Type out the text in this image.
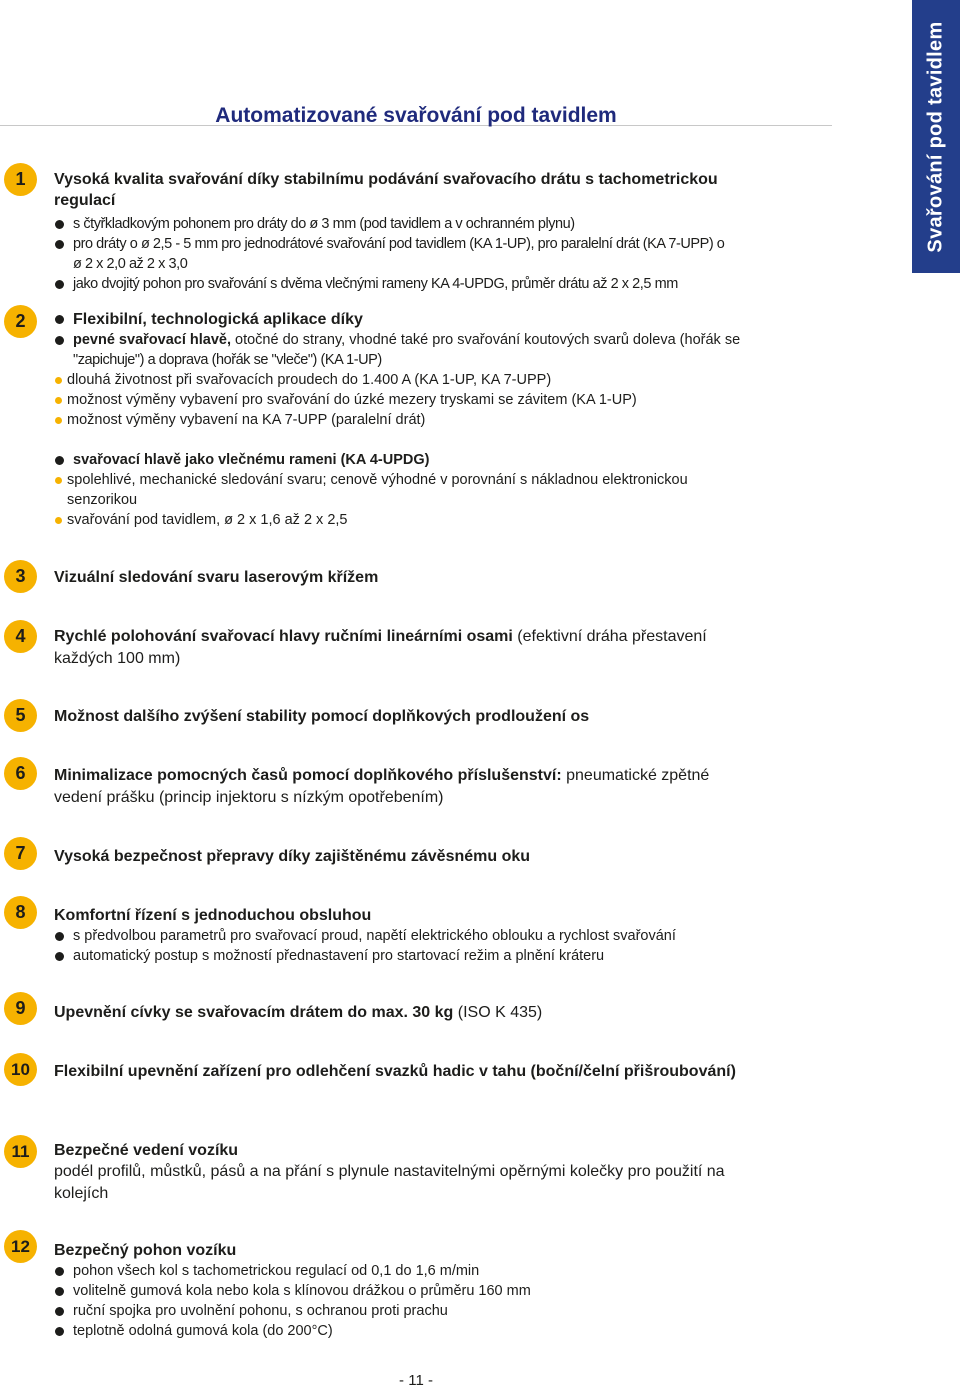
Automatizované svařování pod tavidlem	Svařování pod tavidlem
1	Vysoká kvalita svařování díky stabilnímu podávání svařovacího drátu s tachometrickou
regulací
s čtyřkladkovým pohonem pro dráty do ø 3 mm (pod tavidlem a v ochranném plynu)
pro dráty o ø 2,5 - 5 mm pro jednodrátové svařování pod tavidlem (KA 1-UP), pro paralelní drát (KA 7-UPP) o
ø 2 x 2,0 až 2 x 3,0
jako dvojitý pohon pro svařování s dvěma vlečnými rameny KA 4-UPDG, průměr drátu až 2 x 2,5 mm
2	Flexibilní, technologická aplikace díky
pevné svařovací hlavě, otočné do strany, vhodné také pro svařování koutových svarů doleva (hořák se
"zapichuje") a doprava (hořák se "vleče") (KA 1-UP)
dlouhá životnost při svařovacích proudech do 1.400 A (KA 1-UP, KA 7-UPP)
možnost výměny vybavení pro svařování do úzké mezery tryskami se závitem (KA 1-UP)
možnost výměny vybavení na KA 7-UPP (paralelní drát)
svařovací hlavě jako vlečnému rameni (KA 4-UPDG)
spolehlivé, mechanické sledování svaru; cenově výhodné v porovnání s nákladnou elektronickou
senzorikou
svařování pod tavidlem, ø 2 x 1,6 až 2 x 2,5
3	Vizuální sledování svaru laserovým křížem
4	Rychlé polohování svařovací hlavy ručními lineárními osami (efektivní dráha přestavení
každých 100 mm)
5	Možnost dalšího zvýšení stability pomocí doplňkových prodloužení os
6	Minimalizace pomocných časů pomocí doplňkového příslušenství: pneumatické zpětné
vedení prášku (princip injektoru s nízkým opotřebením)
7	Vysoká bezpečnost přepravy díky zajištěnému závěsnému oku
8	Komfortní řízení s jednoduchou obsluhou
s předvolbou parametrů pro svařovací proud, napětí elektrického oblouku a rychlost svařování
automatický postup s možností přednastavení pro startovací režim a plnění kráteru
9	Upevnění cívky se svařovacím drátem do max. 30 kg (ISO K 435)
10	Flexibilní upevnění zařízení pro odlehčení svazků hadic v tahu (boční/čelní přišroubování)
11	Bezpečné vedení vozíku
podél profilů, můstků, pásů a na přání s plynule nastavitelnými opěrnými kolečky pro použití na
kolejích
12	Bezpečný pohon vozíku
pohon všech kol s tachometrickou regulací od 0,1 do 1,6 m/min
volitelně gumová kola nebo kola s klínovou drážkou o průměru 160 mm
ruční spojka pro uvolnění pohonu, s ochranou proti prachu
teplotně odolná gumová kola (do 200°C)
- 11 -
